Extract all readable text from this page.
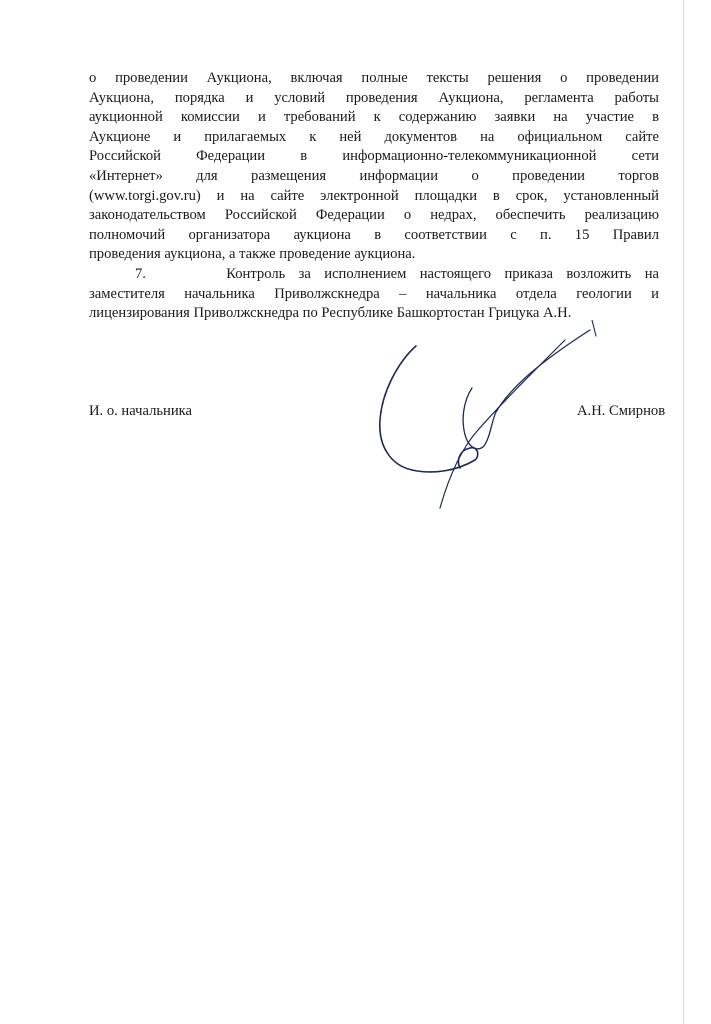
о проведении Аукциона, включая полные тексты решения о проведении
Аукциона, порядка и условий проведения Аукциона, регламента работы
аукционной комиссии и требований к содержанию заявки на участие в
Аукционе и прилагаемых к ней документов на официальном сайте
Российской Федерации в информационно-телекоммуникационной сети
«Интернет» для размещения информации о проведении торгов
(www.torgi.gov.ru) и на сайте электронной площадки в срок, установленный
законодательством Российской Федерации о недрах, обеспечить реализацию
полномочий организатора аукциона в соответствии с п. 15 Правил
проведения аукциона, а также проведение аукциона.
7.	Контроль за исполнением настоящего приказа возложить на
заместителя начальника Приволжскнедра – начальника отдела геологии и
лицензирования Приволжскнедра по Республике Башкортостан Грицука А.Н.
И. о. начальника	А.Н. Смирнов
